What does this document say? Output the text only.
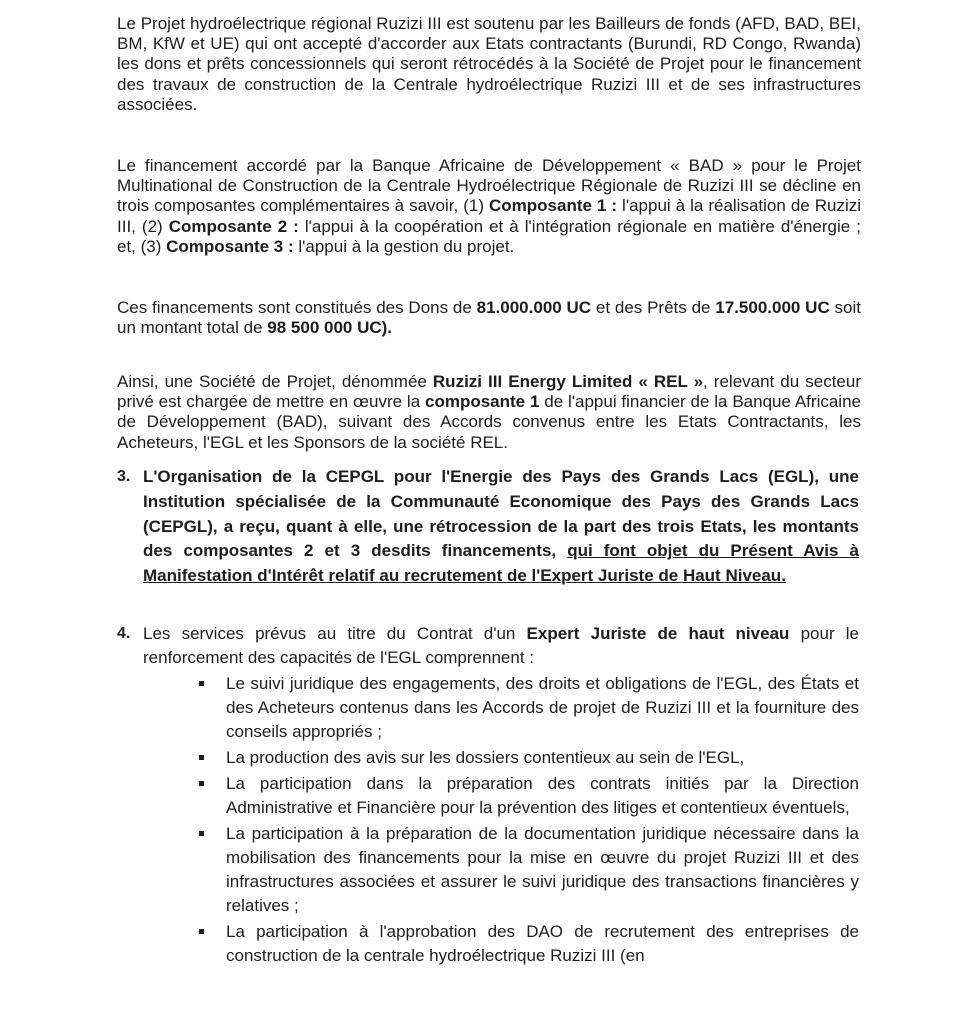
Le Projet hydroélectrique régional Ruzizi III est soutenu par les Bailleurs de fonds (AFD, BAD, BEI, BM, KfW et UE) qui ont accepté d'accorder aux Etats contractants (Burundi, RD Congo, Rwanda) les dons et prêts concessionnels qui seront rétrocédés à la Société de Projet pour le financement des travaux de construction de la Centrale hydroélectrique Ruzizi III et de ses infrastructures associées.

Le financement accordé par la Banque Africaine de Développement « BAD » pour le Projet Multinational de Construction de la Centrale Hydroélectrique Régionale de Ruzizi III se décline en trois composantes complémentaires à savoir, (1) Composante 1 : l'appui à la réalisation de Ruzizi III, (2) Composante 2 : l'appui à la coopération et à l'intégration régionale en matière d'énergie ; et, (3) Composante 3 : l'appui à la gestion du projet.

Ces financements sont constitués des Dons de 81.000.000 UC et des Prêts de 17.500.000 UC soit un montant total de 98 500 000 UC).

Ainsi, une Société de Projet, dénommée Ruzizi III Energy Limited « REL », relevant du secteur privé est chargée de mettre en œuvre la composante 1 de l'appui financier de la Banque Africaine de Développement (BAD), suivant des Accords convenus entre les Etats Contractants, les Acheteurs, l'EGL et les Sponsors de la société REL.

3. L'Organisation de la CEPGL pour l'Energie des Pays des Grands Lacs (EGL), une Institution spécialisée de la Communauté Economique des Pays des Grands Lacs (CEPGL), a reçu, quant à elle, une rétrocession de la part des trois Etats, les montants des composantes 2 et 3 desdits financements, qui font objet du Présent Avis à Manifestation d'Intérêt relatif au recrutement de l'Expert Juriste de Haut Niveau.

4. Les services prévus au titre du Contrat d'un Expert Juriste de haut niveau pour le renforcement des capacités de l'EGL comprennent :

Le suivi juridique des engagements, des droits et obligations de l'EGL, des États et des Acheteurs contenus dans les Accords de projet de Ruzizi III et la fourniture des conseils appropriés ;
La production des avis sur les dossiers contentieux au sein de l'EGL,
La participation dans la préparation des contrats initiés par la Direction Administrative et Financière pour la prévention des litiges et contentieux éventuels,
La participation à la préparation de la documentation juridique nécessaire dans la mobilisation des financements pour la mise en œuvre du projet Ruzizi III et des infrastructures associées et assurer le suivi juridique des transactions financières y relatives ;
La participation à l'approbation des DAO de recrutement des entreprises de construction de la centrale hydroélectrique Ruzizi III (en
